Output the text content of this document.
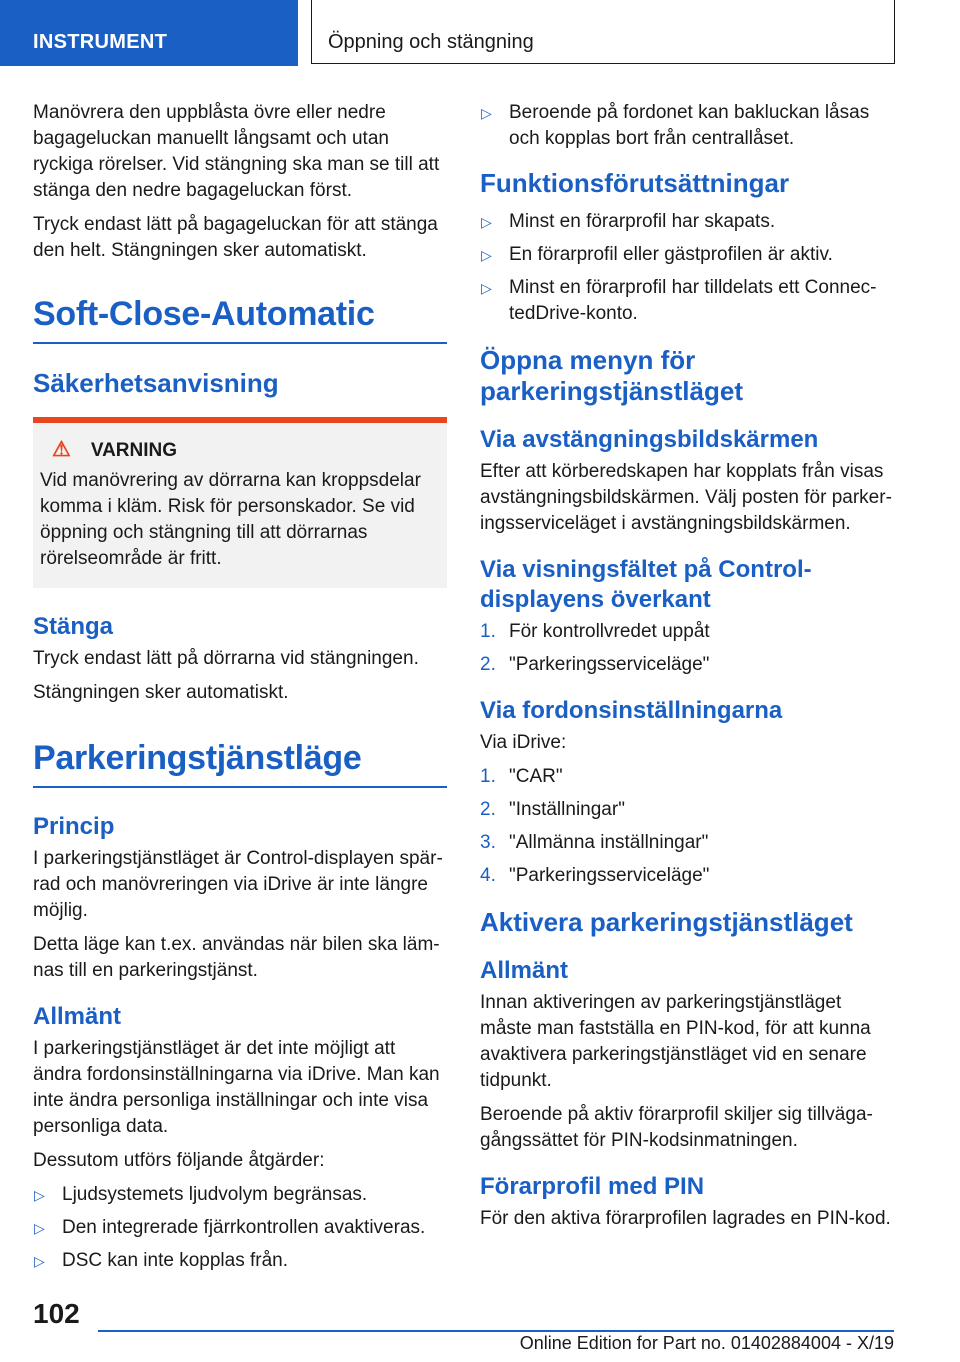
INSTRUMENT	Öppning och stängning

Manövrera den uppblåsta övre eller nedre bagageluckan manuellt långsamt och utan ryckiga rörelser. Vid stängning ska man se till att stänga den nedre bagageluckan först.

Tryck endast lätt på bagageluckan för att stänga den helt. Stängningen sker automatiskt.

Soft-Close-Automatic
Säkerhetsanvisning
⚠ VARNING

Vid manövrering av dörrarna kan kroppsdelar komma i kläm. Risk för personskador. Se vid öppning och stängning till att dörrarnas rörelseområde är fritt.

Stänga

Tryck endast lätt på dörrarna vid stängningen.

Stängningen sker automatiskt.

Parkeringstjänstläge
Princip

I parkeringstjänstläget är Control-displayen spärrad och manövreringen via iDrive är inte längre möjlig.

Detta läge kan t.ex. användas när bilen ska lämnas till en parkeringstjänst.

Allmänt

I parkeringstjänstläget är det inte möjligt att ändra fordonsinställningarna via iDrive. Man kan inte ändra personliga inställningar och inte visa personliga data.

Dessutom utförs följande åtgärder:

▷ Ljudsystemets ljudvolym begränsas.
▷ Den integrerade fjärrkontrollen avaktiveras.
▷ DSC kan inte kopplas från.
▷ Beroende på fordonet kan bakluckan låsas och kopplas bort från centrallåset.
Funktionsförutsättningar
▷ Minst en förarprofil har skapats.
▷ En förarprofil eller gästprofilen är aktiv.
▷ Minst en förarprofil har tilldelats ett ConnectedDrive-konto.
Öppna menyn för parkeringstjänstläget
Via avstängningsbildskärmen

Efter att körberedskapen har kopplats från visas avstängningsbildskärmen. Välj posten för parkeringsserviceläget i avstängningsbildskärmen.

Via visningsfältet på Control-displayens överkant
1. För kontrollvredet uppåt
2. "Parkeringsserviceläge"
Via fordonsinställningarna

Via iDrive:

1. "CAR"
2. "Inställningar"
3. "Allmänna inställningar"
4. "Parkeringsserviceläge"
Aktivera parkeringstjänstläget
Allmänt

Innan aktiveringen av parkeringstjänstläget måste man fastställa en PIN-kod, för att kunna avaktivera parkeringstjänstläget vid en senare tidpunkt.

Beroende på aktiv förarprofil skiljer sig tillvägagångssättet för PIN-kodsinmatningen.

Förarprofil med PIN

För den aktiva förarprofilen lagrades en PIN-kod.

102
Online Edition for Part no. 01402884004 - X/19
